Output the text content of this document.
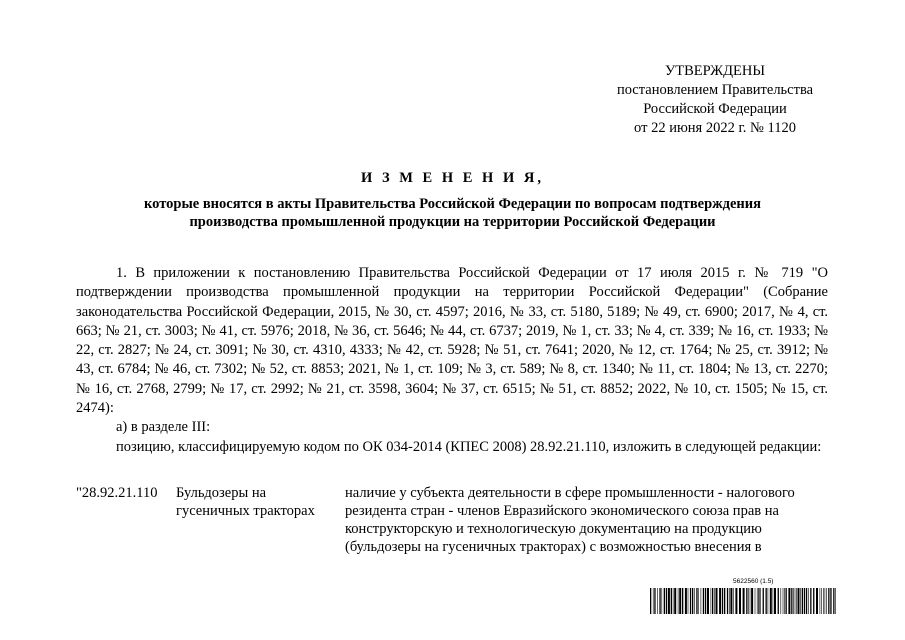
УТВЕРЖДЕНЫ
постановлением Правительства
Российской Федерации
от 22 июня 2022 г. № 1120
И З М Е Н Е Н И Я,
которые вносятся в акты Правительства Российской Федерации по вопросам подтверждения производства промышленной продукции на территории Российской Федерации

1. В приложении к постановлению Правительства Российской Федерации от 17 июля 2015 г. № 719 "О подтверждении производства промышленной продукции на территории Российской Федерации" (Собрание законодательства Российской Федерации, 2015, № 30, ст. 4597; 2016, № 33, ст. 5180, 5189; № 49, ст. 6900; 2017, № 4, ст. 663; № 21, ст. 3003; № 41, ст. 5976; 2018, № 36, ст. 5646; № 44, ст. 6737; 2019, № 1, ст. 33; № 4, ст. 339; № 16, ст. 1933; № 22, ст. 2827; № 24, ст. 3091; № 30, ст. 4310, 4333; № 42, ст. 5928; № 51, ст. 7641; 2020, № 12, ст. 1764; № 25, ст. 3912; № 43, ст. 6784; № 46, ст. 7302; № 52, ст. 8853; 2021, № 1, ст. 109; № 3, ст. 589; № 8, ст. 1340; № 11, ст. 1804; № 13, ст. 2270; № 16, ст. 2768, 2799; № 17, ст. 2992; № 21, ст. 3598, 3604; № 37, ст. 6515; № 51, ст. 8852; 2022, № 10, ст. 1505; № 15, ст. 2474):

а) в разделе III:

позицию, классифицируемую кодом по ОК 034-2014 (КПЕС 2008) 28.92.21.110, изложить в следующей редакции:

"28.92.21.110	Бульдозеры на гусеничных тракторах
наличие у субъекта деятельности в сфере промышленности - налогового резидента стран - членов Евразийского экономического союза прав на конструкторскую и технологическую документацию на продукцию (бульдозеры на гусеничных тракторах) с возможностью внесения в
5622560 (1.5)
